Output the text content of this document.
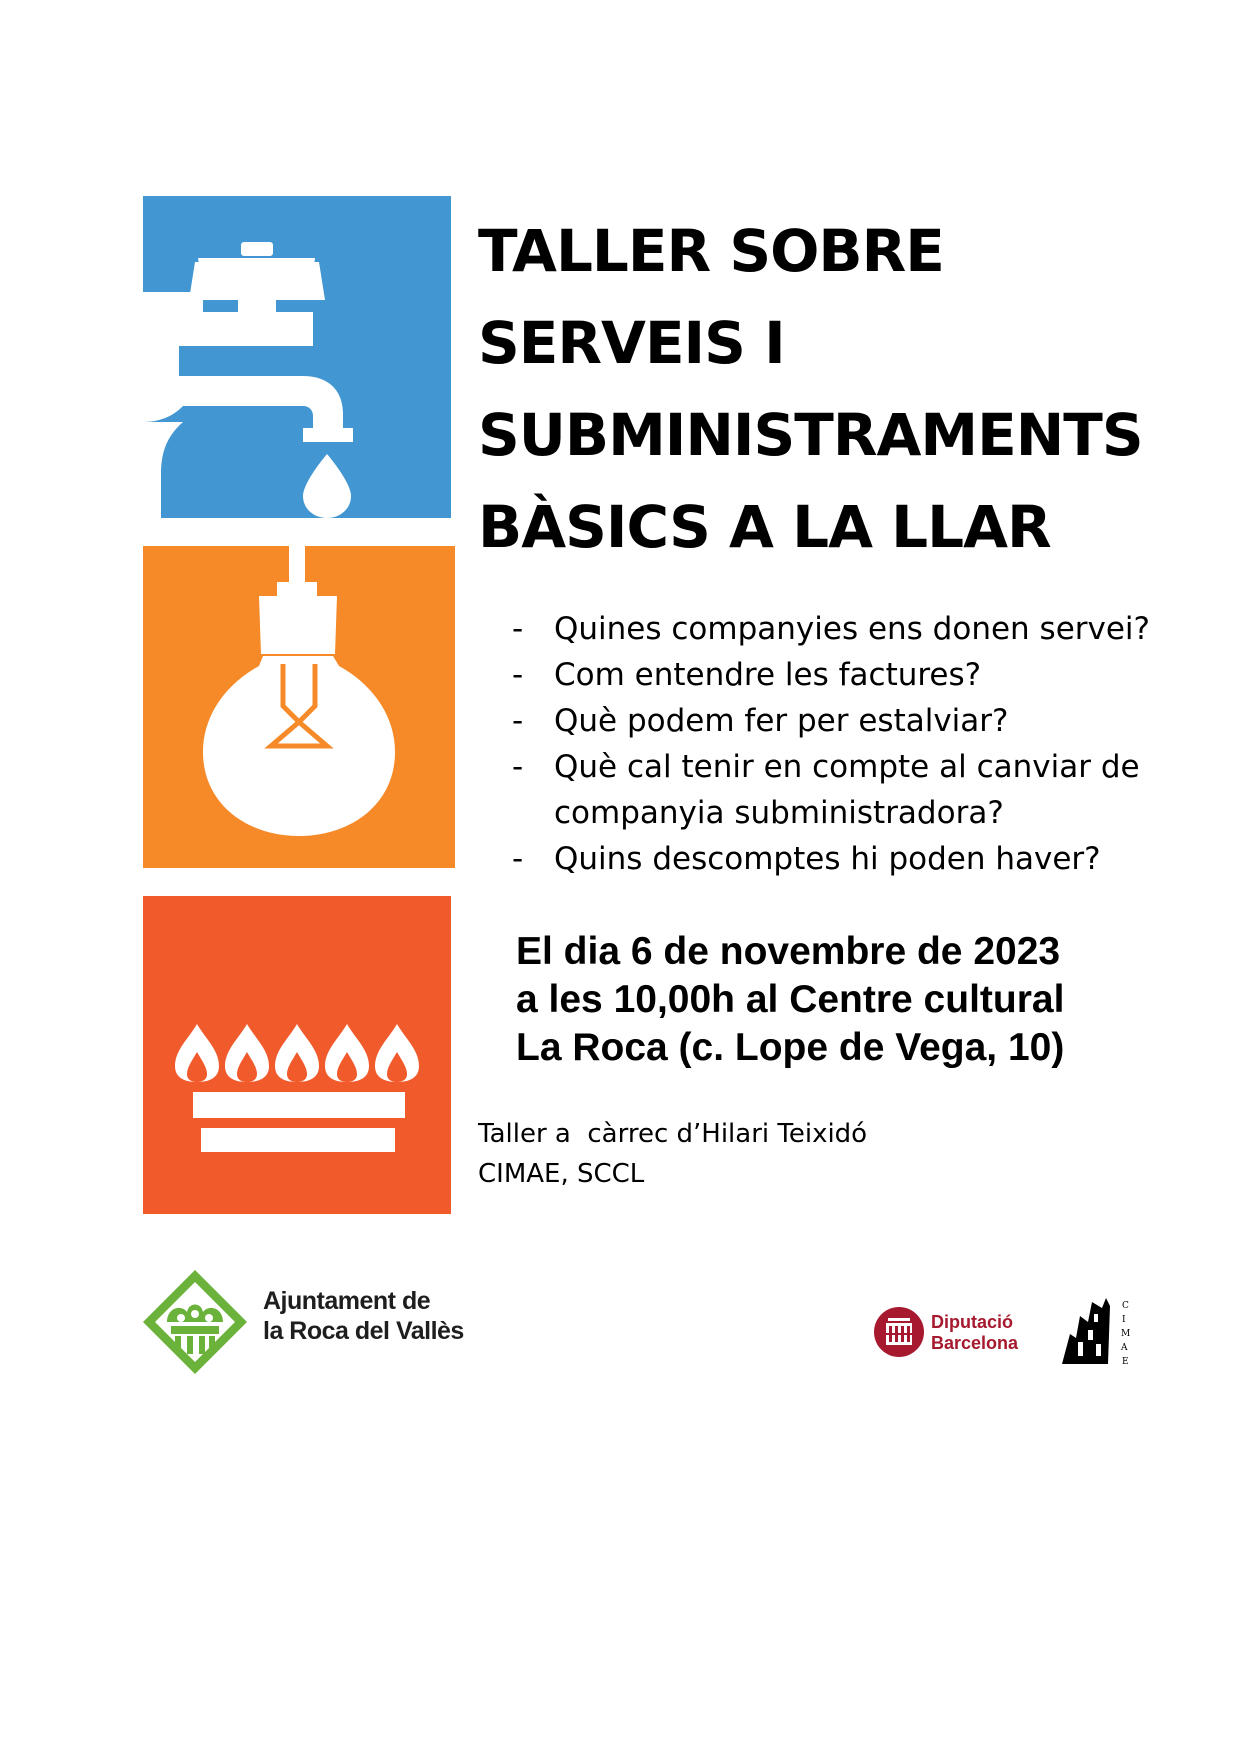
TALLER SOBRE
SERVEIS I
SUBMINISTRAMENTS
BÀSICS A LA LLAR
- Quines companyies ens donen servei?
- Com entendre les factures?
- Què podem fer per estalviar?
- Què cal tenir en compte al canviar de companyia subministradora?
- Quins descomptes hi poden haver?

El dia 6 de novembre de 2023
a les 10,00h al Centre cultural
La Roca (c. Lope de Vega, 10)

Taller a  càrrec d’Hilari Teixidó
CIMAE, SCCL

Ajuntament de
la Roca del Vallès	Diputació
Barcelona
C
I
M
A
E
